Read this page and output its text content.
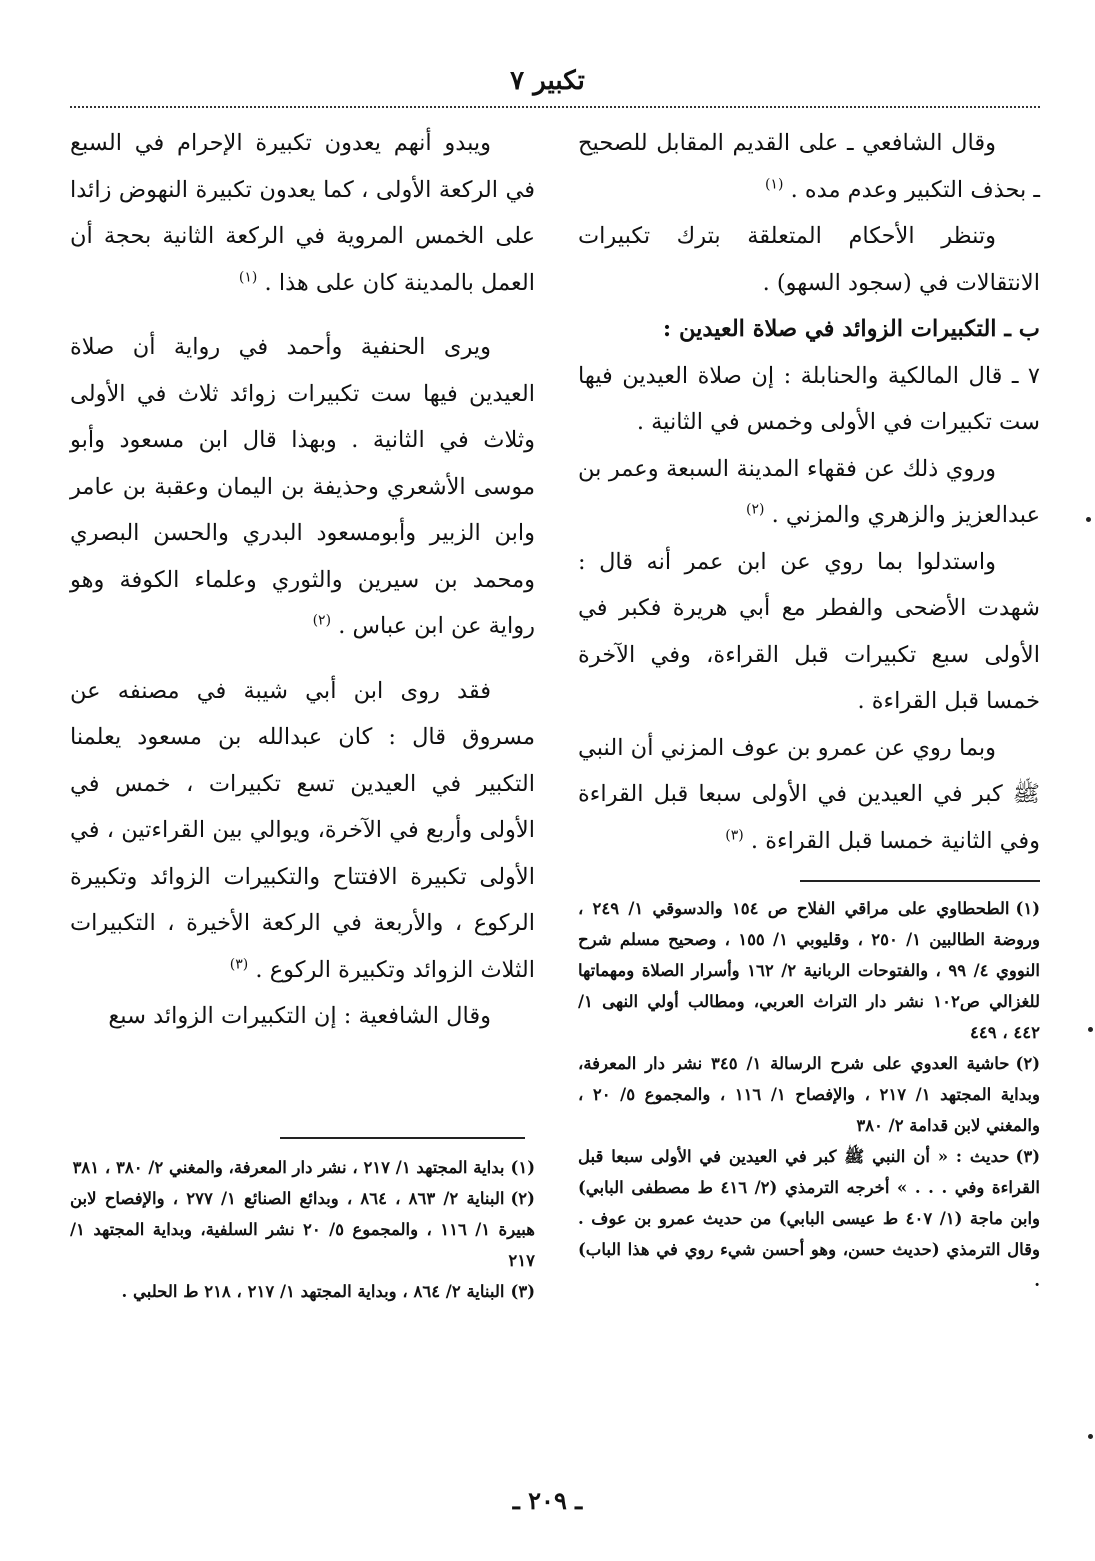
تكبير ٧

وقال الشافعي ـ على القديم المقابل للصحيح ـ بحذف التكبير وعدم مده . $^{(١)}$

وتنظر الأحكام المتعلقة بترك تكبيرات الانتقالات في (سجود السهو) .

ب ـ التكبيرات الزوائد في صلاة العيدين :

٧ ـ قال المالكية والحنابلة : إن صلاة العيدين فيها ست تكبيرات في الأولى وخمس في الثانية .

وروي ذلك عن فقهاء المدينة السبعة وعمر بن عبدالعزيز والزهري والمزني . $^{(٢)}$

واستدلوا بما روي عن ابن عمر أنه قال : شهدت الأضحى والفطر مع أبي هريرة فكبر في الأولى سبع تكبيرات قبل القراءة، وفي الآخرة خمسا قبل القراءة .

وبما روي عن عمرو بن عوف المزني أن النبي ﷺ كبر في العيدين في الأولى سبعا قبل القراءة وفي الثانية خمسا قبل القراءة . $^{(٣)}$

ويبدو أنهم يعدون تكبيرة الإحرام في السبع في الركعة الأولى ، كما يعدون تكبيرة النهوض زائدا على الخمس المروية في الركعة الثانية بحجة أن العمل بالمدينة كان على هذا . $^{(١)}$

ويرى الحنفية وأحمد في رواية أن صلاة العيدين فيها ست تكبيرات زوائد ثلاث في الأولى وثلاث في الثانية . وبهذا قال ابن مسعود وأبو موسى الأشعري وحذيفة بن اليمان وعقبة بن عامر وابن الزبير وأبومسعود البدري والحسن البصري ومحمد بن سيرين والثوري وعلماء الكوفة وهو رواية عن ابن عباس . $^{(٢)}$

فقد روى ابن أبي شيبة في مصنفه عن مسروق قال : كان عبدالله بن مسعود يعلمنا التكبير في العيدين تسع تكبيرات ، خمس في الأولى وأربع في الآخرة، ويوالي بين القراءتين ، في الأولى تكبيرة الافتتاح والتكبيرات الزوائد وتكبيرة الركوع ، والأربعة في الركعة الأخيرة ، التكبيرات الثلاث الزوائد وتكبيرة الركوع . $^{(٣)}$

وقال الشافعية : إن التكبيرات الزوائد سبع

(١)الطحطاوي على مراقي الفلاح ص ١٥٤ والدسوقي ١/ ٢٤٩ ، وروضة الطالبين ١/ ٢٥٠ ، وقليوبي ١/ ١٥٥ ، وصحيح مسلم شرح النووي ٤/ ٩٩ ، والفتوحات الربانية ٢/ ١٦٢ وأسرار الصلاة ومهماتها للغزالي ص١٠٢ نشر دار التراث العربي، ومطالب أولي النهى ١/ ٤٤٢ ، ٤٤٩

(٢)حاشية العدوي على شرح الرسالة ١/ ٣٤٥ نشر دار المعرفة، وبداية المجتهد ١/ ٢١٧ ، والإفصاح ١/ ١١٦ ، والمجموع ٥/ ٢٠ ، والمغني لابن قدامة ٢/ ٣٨٠

(٣)حديث : « أن النبي ﷺ كبر في العيدين في الأولى سبعا قبل القراءة وفي . . . » أخرجه الترمذي (٢/ ٤١٦ ط مصطفى البابي) وابن ماجة (١/ ٤٠٧ ط عيسى البابي) من حديث عمرو بن عوف . وقال الترمذي (حديث حسن، وهو أحسن شيء روي في هذا الباب) .

(١)بداية المجتهد ١/ ٢١٧ ، نشر دار المعرفة، والمغني ٢/ ٣٨٠ ، ٣٨١

(٢)البناية ٢/ ٨٦٣ ، ٨٦٤ ، وبدائع الصنائع ١/ ٢٧٧ ، والإفصاح لابن هبيرة ١/ ١١٦ ، والمجموع ٥/ ٢٠ نشر السلفية، وبداية المجتهد ١/ ٢١٧

(٣)البناية ٢/ ٨٦٤ ، وبداية المجتهد ١/ ٢١٧ ، ٢١٨ ط الحلبي .

ـ ٢٠٩ ـ
